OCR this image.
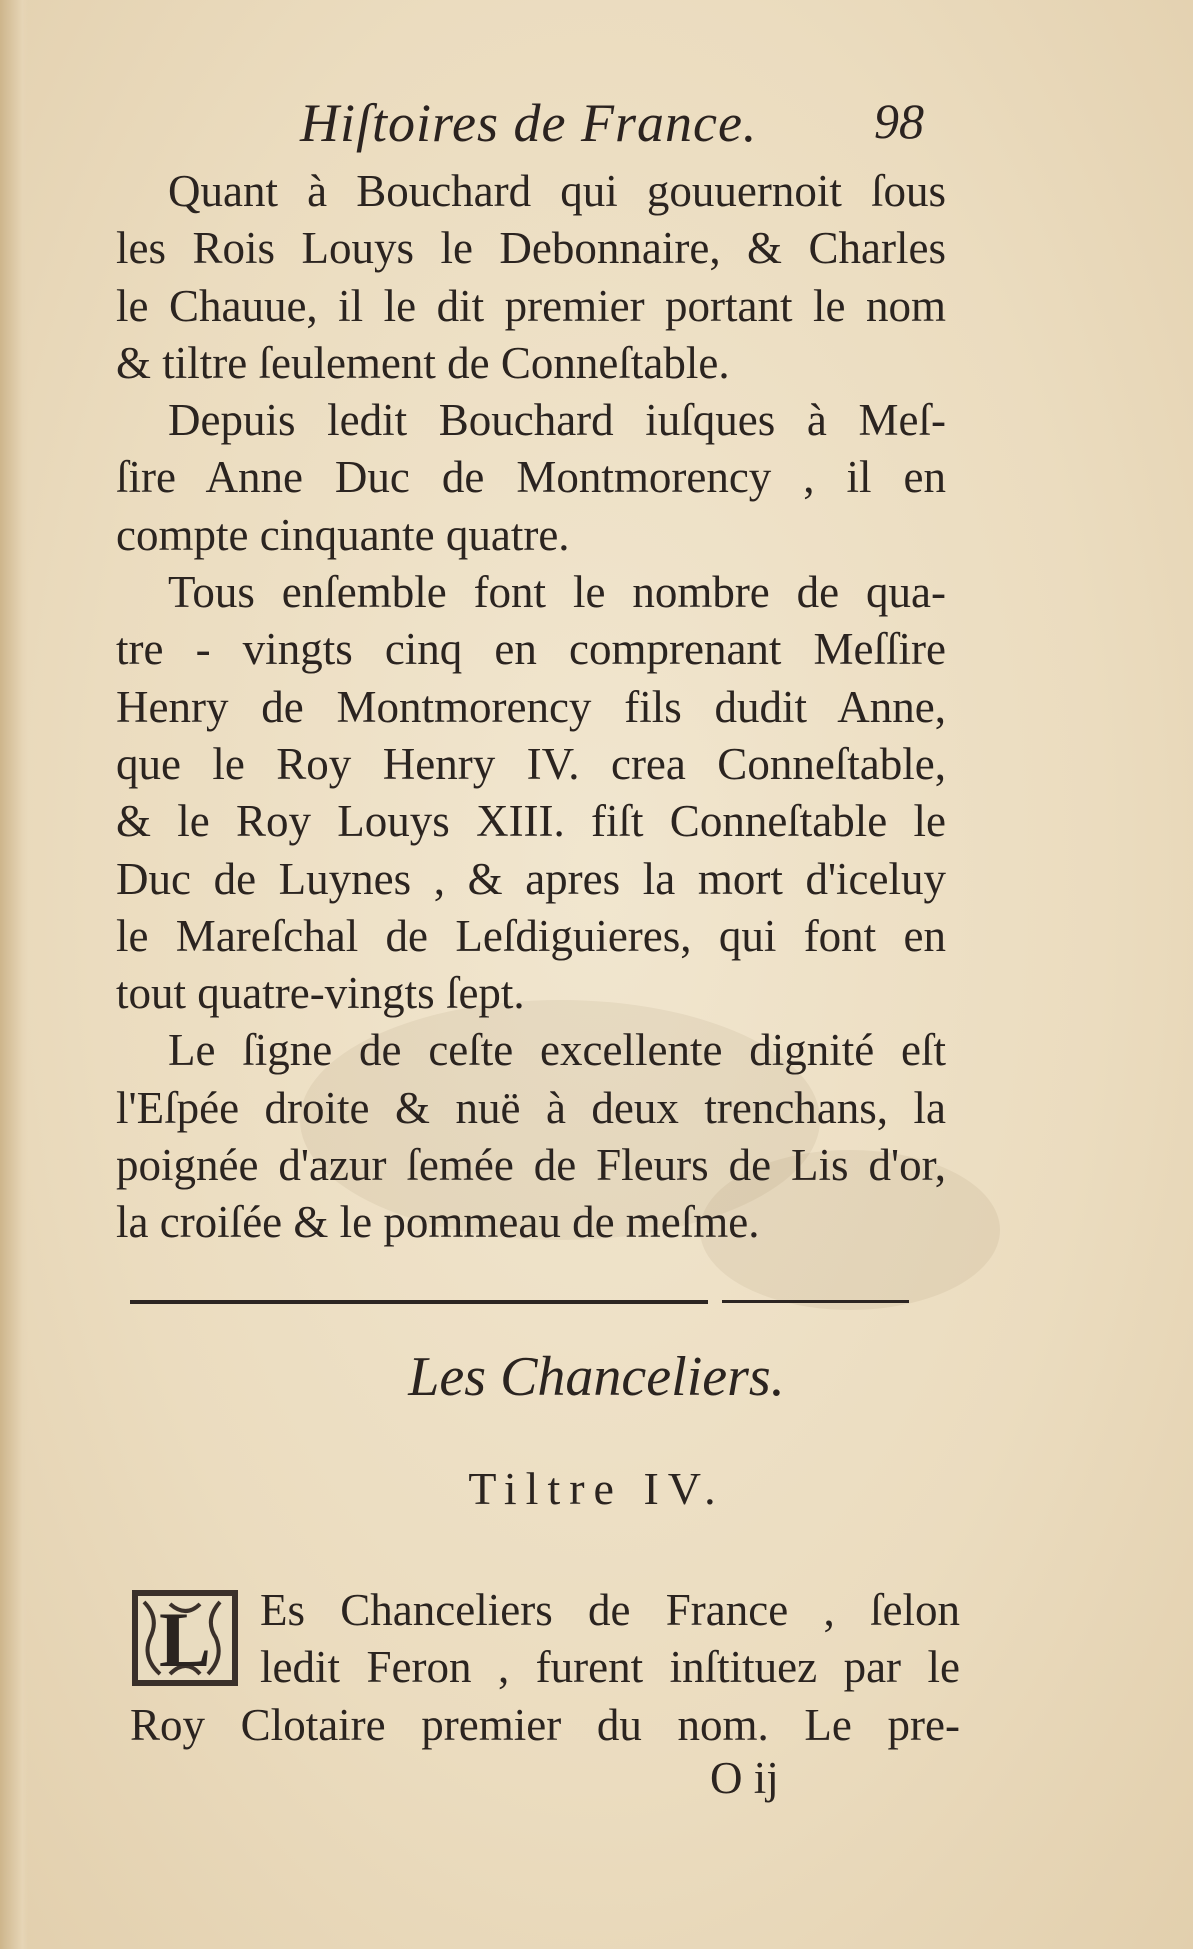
Hiſtoires de France. 98
Quant à Bouchard qui gouuernoit ſous
les Rois Louys le Debonnaire, & Charles
le Chauue, il le dit premier portant le nom
& tiltre ſeulement de Conneſtable.
Depuis ledit Bouchard iuſques à Meſ-
ſire Anne Duc de Montmorency , il en
compte cinquante quatre.
Tous enſemble font le nombre de qua-
tre - vingts cinq en comprenant Meſſire
Henry de Montmorency fils dudit Anne,
que le Roy Henry IV. crea Conneſtable,
& le Roy Louys XIII. fiſt Conneſtable le
Duc de Luynes , & apres la mort d'iceluy
le Mareſchal de Leſdiguieres, qui font en
tout quatre-vingts ſept.
Le ſigne de ceſte excellente dignité eſt
l'Eſpée droite & nuë à deux trenchans, la
poignée d'azur ſemée de Fleurs de Lis d'or,
la croiſée & le pommeau de meſme.
Les Chanceliers.
Tiltre IV.
L	Es Chanceliers de France , ſelon
ledit Feron , furent inſtituez par le
Roy Clotaire premier du nom. Le pre-
O ij
